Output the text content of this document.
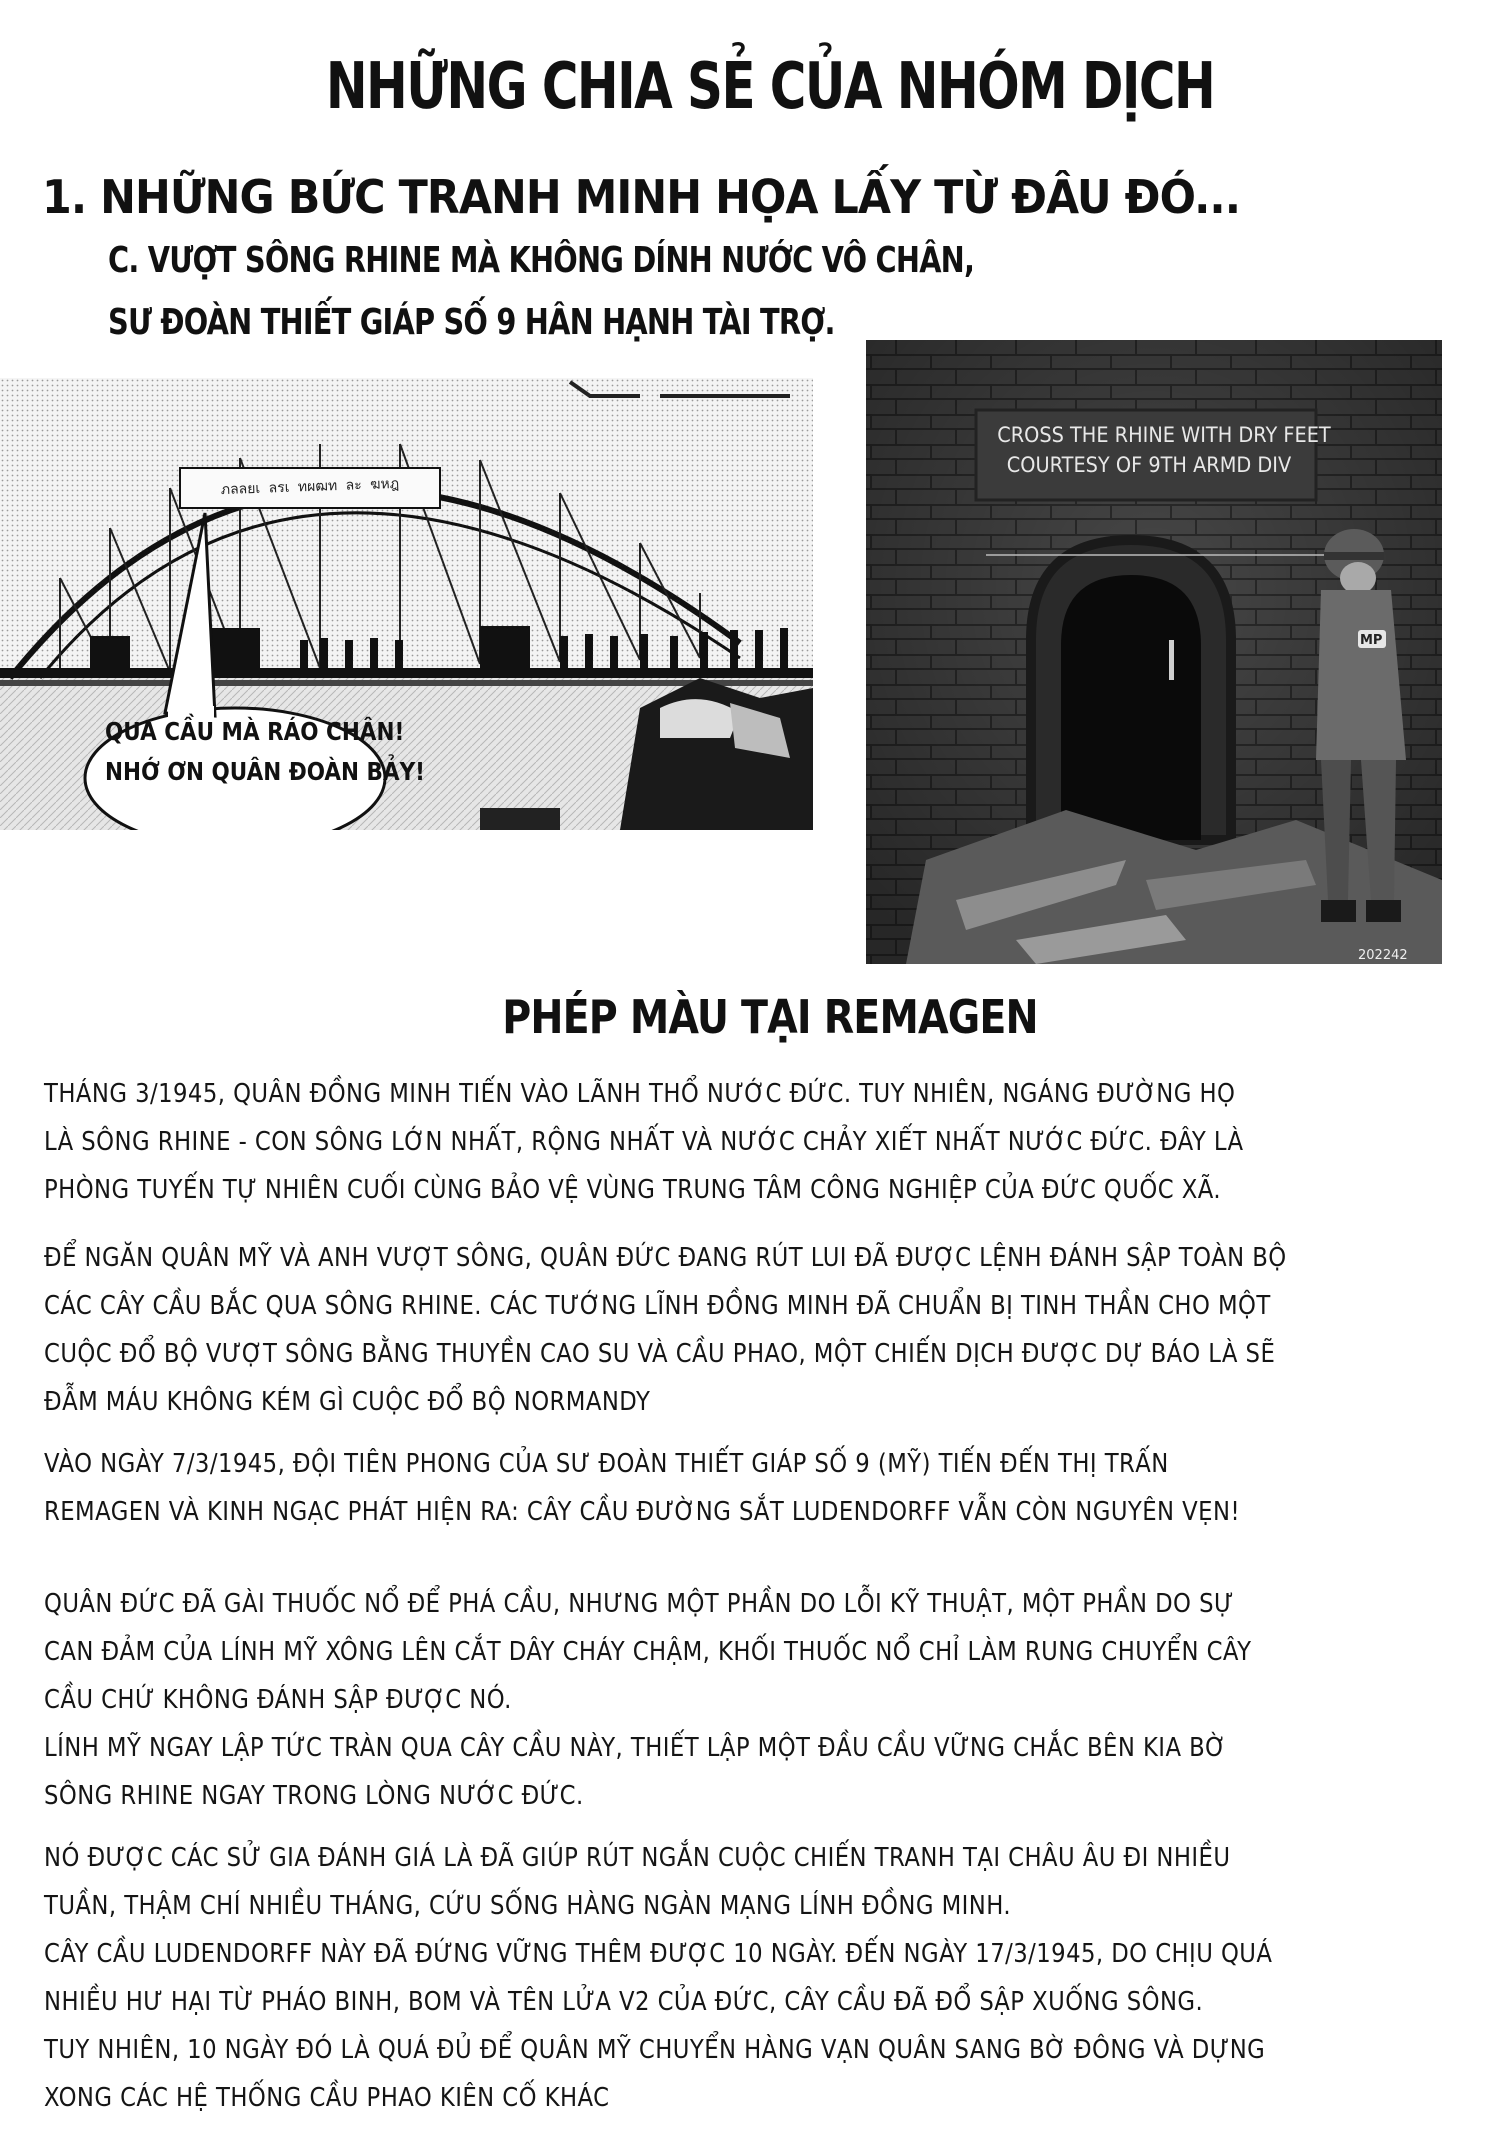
NHỮNG CHIA SẺ CỦA NHÓM DỊCH
1. NHỮNG BỨC TRANH MINH HỌA LẤY TỪ ĐÂU ĐÓ...
C. VƯỢT SÔNG RHINE MÀ KHÔNG DÍNH NƯỚC VÔ CHÂN,
SƯ ĐOÀN THIẾT GIÁP SỐ 9 HÂN HẠNH TÀI TRỢ.
ภลลยเ ลรเ ทผฒท ละ ฆหฎ
QUA CẦU MÀ RÁO CHÂN!
NHỚ ƠN QUÂN ĐOÀN BẢY!
CROSS THE RHINE WITH DRY FEET
COURTESY OF 9TH ARMD DIV
MP
202242
PHÉP MÀU TẠI REMAGEN

THÁNG 3/1945, QUÂN ĐỒNG MINH TIẾN VÀO LÃNH THỔ NƯỚC ĐỨC. TUY NHIÊN, NGÁNG ĐƯỜNG HỌ
LÀ SÔNG RHINE - CON SÔNG LỚN NHẤT, RỘNG NHẤT VÀ NƯỚC CHẢY XIẾT NHẤT NƯỚC ĐỨC. ĐÂY LÀ
PHÒNG TUYẾN TỰ NHIÊN CUỐI CÙNG BẢO VỆ VÙNG TRUNG TÂM CÔNG NGHIỆP CỦA ĐỨC QUỐC XÃ.

ĐỂ NGĂN QUÂN MỸ VÀ ANH VƯỢT SÔNG, QUÂN ĐỨC ĐANG RÚT LUI ĐÃ ĐƯỢC LỆNH ĐÁNH SẬP TOÀN BỘ
CÁC CÂY CẦU BẮC QUA SÔNG RHINE. CÁC TƯỚNG LĨNH ĐỒNG MINH ĐÃ CHUẨN BỊ TINH THẦN CHO MỘT
CUỘC ĐỔ BỘ VƯỢT SÔNG BẰNG THUYỀN CAO SU VÀ CẦU PHAO, MỘT CHIẾN DỊCH ĐƯỢC DỰ BÁO LÀ SẼ
ĐẪM MÁU KHÔNG KÉM GÌ CUỘC ĐỔ BỘ NORMANDY

VÀO NGÀY 7/3/1945, ĐỘI TIÊN PHONG CỦA SƯ ĐOÀN THIẾT GIÁP SỐ 9 (MỸ) TIẾN ĐẾN THỊ TRẤN
REMAGEN VÀ KINH NGẠC PHÁT HIỆN RA: CÂY CẦU ĐƯỜNG SẮT LUDENDORFF VẪN CÒN NGUYÊN VẸN!

QUÂN ĐỨC ĐÃ GÀI THUỐC NỔ ĐỂ PHÁ CẦU, NHƯNG MỘT PHẦN DO LỖI KỸ THUẬT, MỘT PHẦN DO SỰ
CAN ĐẢM CỦA LÍNH MỸ XÔNG LÊN CẮT DÂY CHÁY CHẬM, KHỐI THUỐC NỔ CHỈ LÀM RUNG CHUYỂN CÂY
CẦU CHỨ KHÔNG ĐÁNH SẬP ĐƯỢC NÓ.
LÍNH MỸ NGAY LẬP TỨC TRÀN QUA CÂY CẦU NÀY, THIẾT LẬP MỘT ĐẦU CẦU VỮNG CHẮC BÊN KIA BỜ
SÔNG RHINE NGAY TRONG LÒNG NƯỚC ĐỨC.

NÓ ĐƯỢC CÁC SỬ GIA ĐÁNH GIÁ LÀ ĐÃ GIÚP RÚT NGẮN CUỘC CHIẾN TRANH TẠI CHÂU ÂU ĐI NHIỀU
TUẦN, THẬM CHÍ NHIỀU THÁNG, CỨU SỐNG HÀNG NGÀN MẠNG LÍNH ĐỒNG MINH.
CÂY CẦU LUDENDORFF NÀY ĐÃ ĐỨNG VỮNG THÊM ĐƯỢC 10 NGÀY. ĐẾN NGÀY 17/3/1945, DO CHỊU QUÁ
NHIỀU HƯ HẠI TỪ PHÁO BINH, BOM VÀ TÊN LỬA V2 CỦA ĐỨC, CÂY CẦU ĐÃ ĐỔ SẬP XUỐNG SÔNG.
TUY NHIÊN, 10 NGÀY ĐÓ LÀ QUÁ ĐỦ ĐỂ QUÂN MỸ CHUYỂN HÀNG VẠN QUÂN SANG BỜ ĐÔNG VÀ DỰNG
XONG CÁC HỆ THỐNG CẦU PHAO KIÊN CỐ KHÁC
